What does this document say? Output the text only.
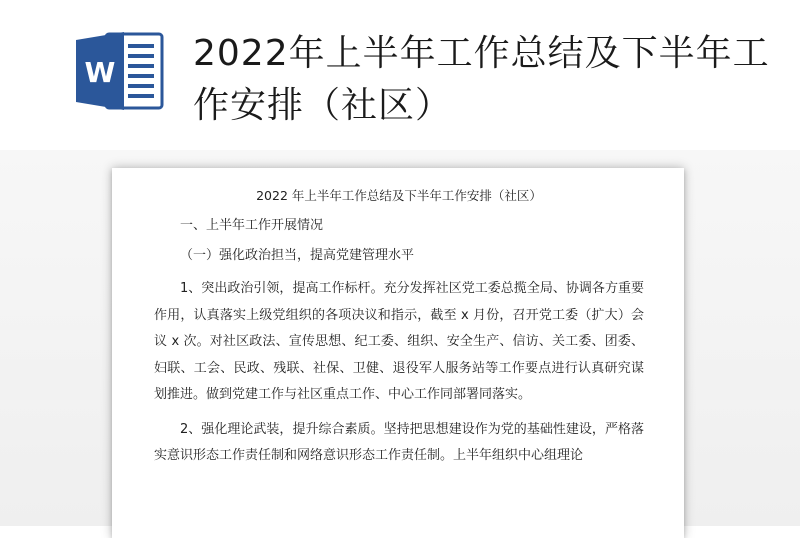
W 2022年上半年工作总结及下半年工作安排（社区）
2022 年上半年工作总结及下半年工作安排（社区）
一、上半年工作开展情况
（一）强化政治担当，提高党建管理水平
1、突出政治引领，提高工作标杆。充分发挥社区党工委总揽全局、协调各方重要作用，认真落实上级党组织的各项决议和指示，截至 x 月份，召开党工委（扩大）会议 x 次。对社区政法、宣传思想、纪工委、组织、安全生产、信访、关工委、团委、妇联、工会、民政、残联、社保、卫健、退役军人服务站等工作要点进行认真研究谋划推进。做到党建工作与社区重点工作、中心工作同部署同落实。
2、强化理论武装，提升综合素质。坚持把思想建设作为党的基础性建设，严格落实意识形态工作责任制和网络意识形态工作责任制。上半年组织中心组理论
